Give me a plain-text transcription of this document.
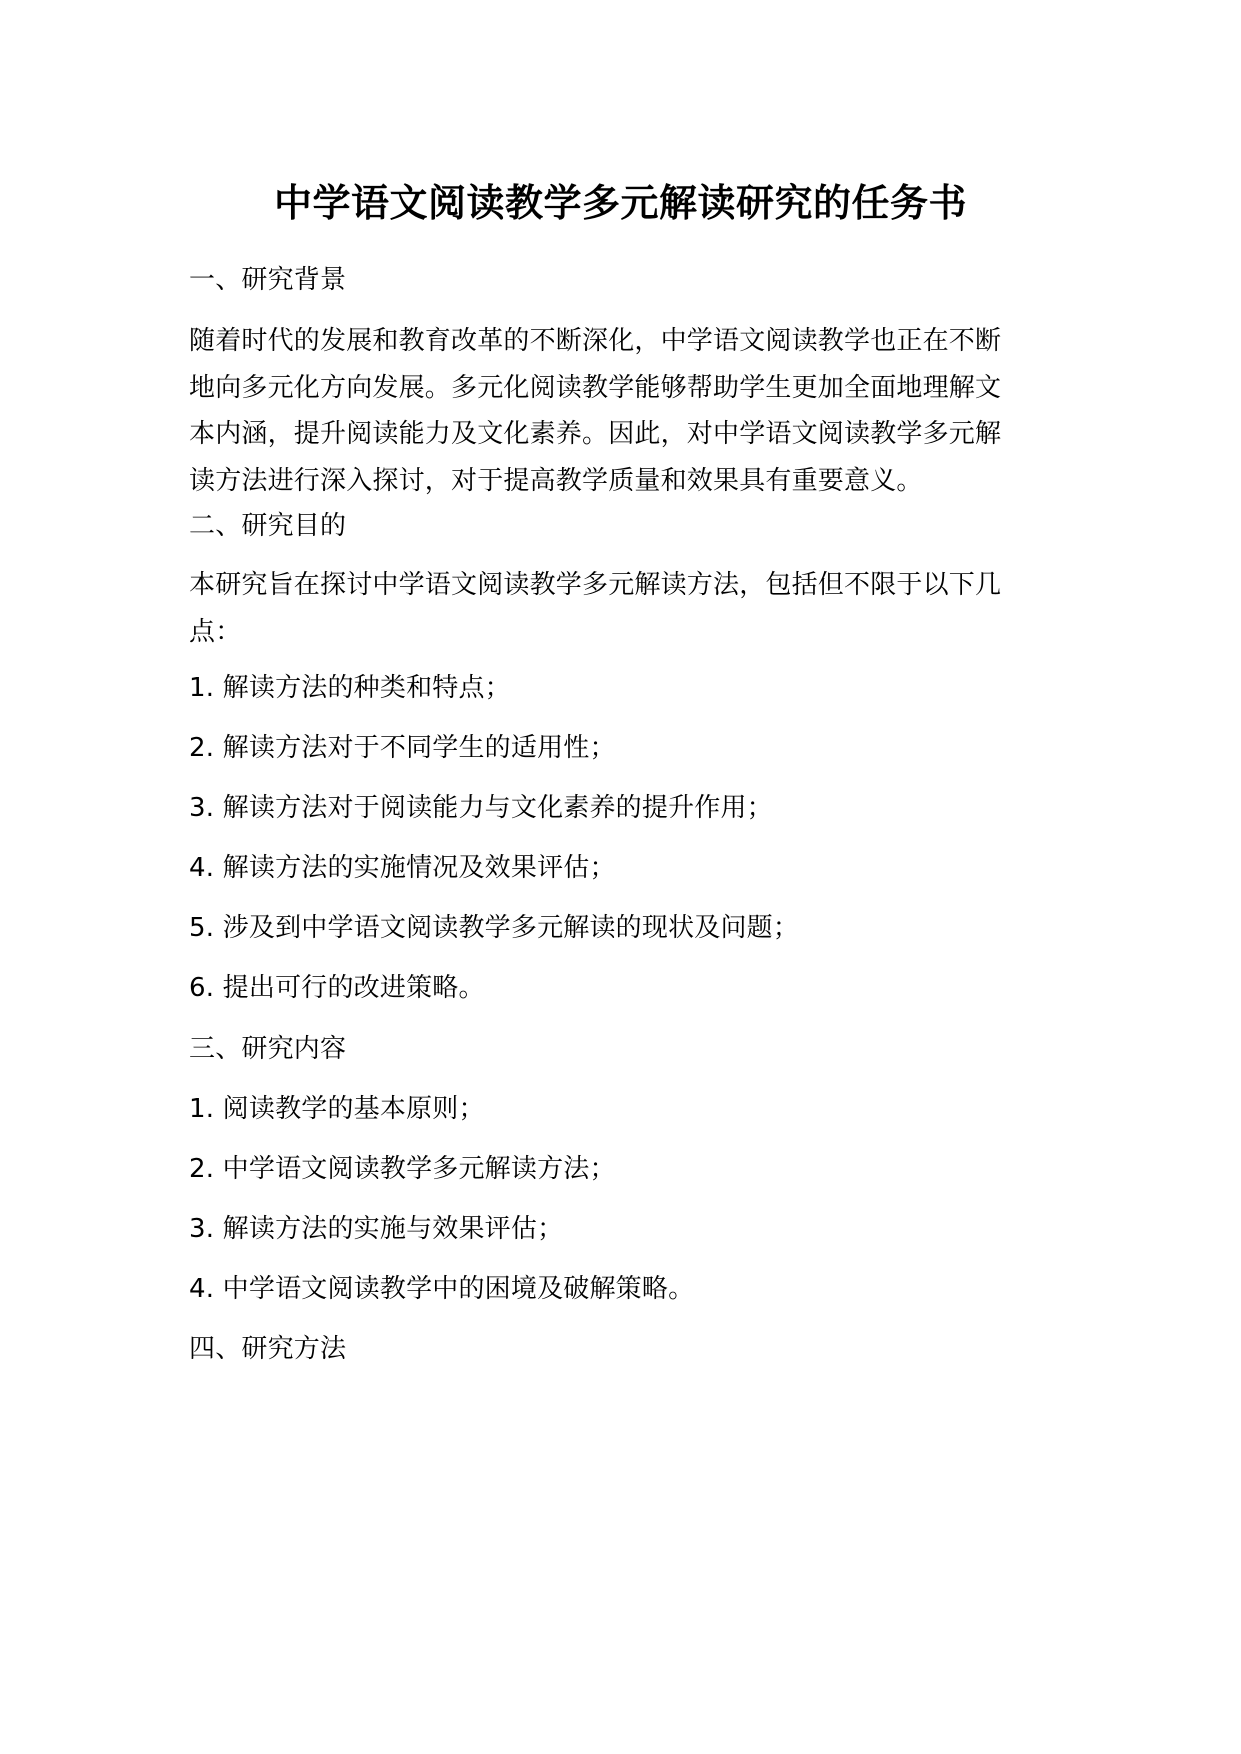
中学语文阅读教学多元解读研究的任务书
一、研究背景
随着时代的发展和教育改革的不断深化，中学语文阅读教学也正在不断
地向多元化方向发展。多元化阅读教学能够帮助学生更加全面地理解文
本内涵，提升阅读能力及文化素养。因此，对中学语文阅读教学多元解
读方法进行深入探讨，对于提高教学质量和效果具有重要意义。
二、研究目的
本研究旨在探讨中学语文阅读教学多元解读方法，包括但不限于以下几
点：
1. 解读方法的种类和特点；
2. 解读方法对于不同学生的适用性；
3. 解读方法对于阅读能力与文化素养的提升作用；
4. 解读方法的实施情况及效果评估；
5. 涉及到中学语文阅读教学多元解读的现状及问题；
6. 提出可行的改进策略。
三、研究内容
1. 阅读教学的基本原则；
2. 中学语文阅读教学多元解读方法；
3. 解读方法的实施与效果评估；
4. 中学语文阅读教学中的困境及破解策略。
四、研究方法
